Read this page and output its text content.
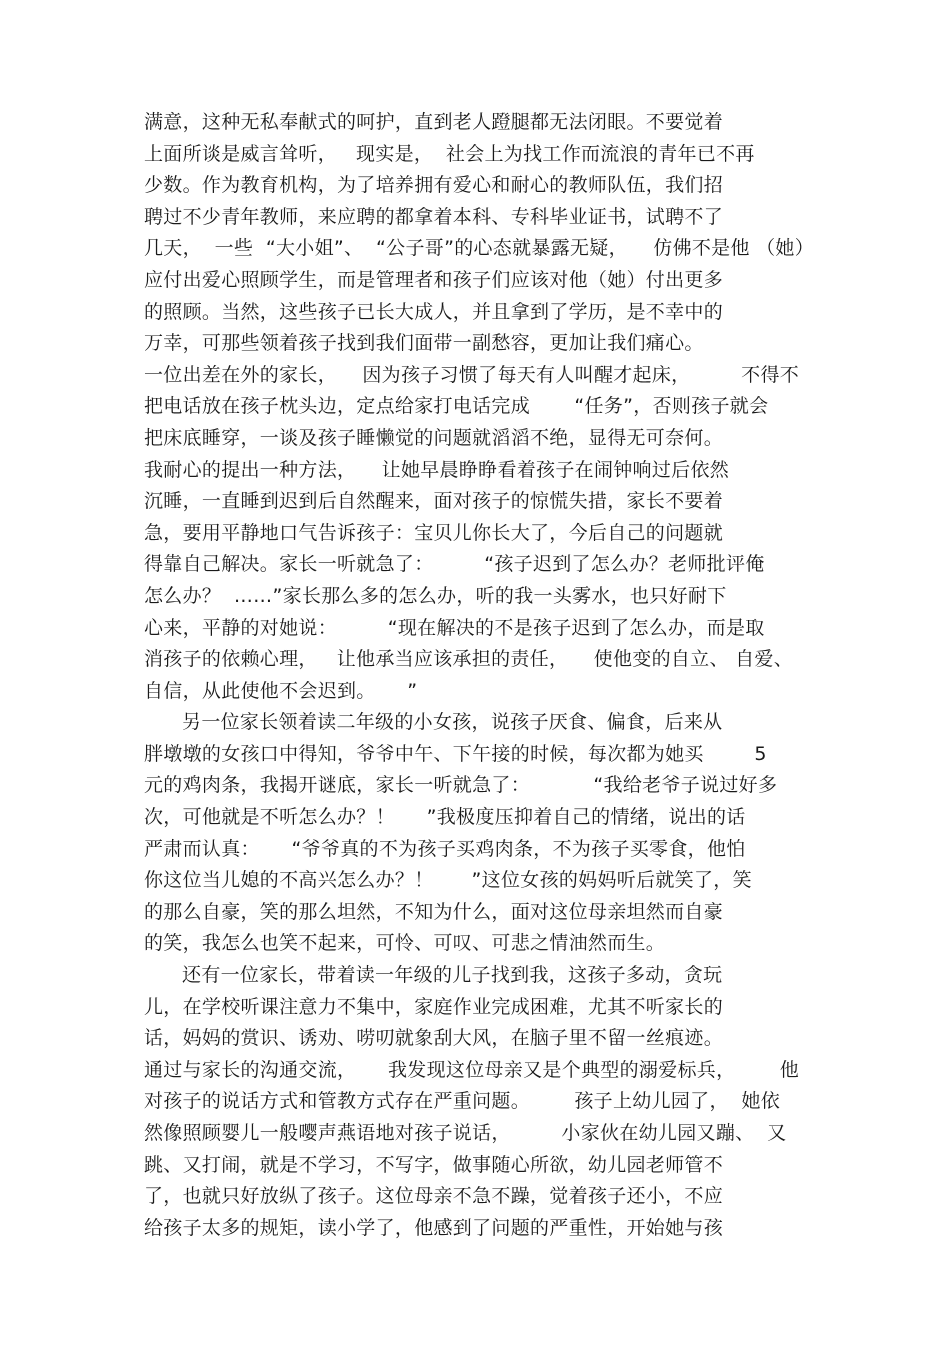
满意，这种无私奉献式的呵护，直到老人蹬腿都无法闭眼。不要觉着
上面所谈是威言耸听，   现实是，  社会上为找工作而流浪的青年已不再
少数。作为教育机构，为了培养拥有爱心和耐心的教师队伍，我们招
聘过不少青年教师，来应聘的都拿着本科、专科毕业证书，试聘不了
几天，  一些  “大小姐”、  “公子哥”的心态就暴露无疑，    仿佛不是他 （她）
应付出爱心照顾学生，而是管理者和孩子们应该对他（她）付出更多
的照顾。当然，这些孩子已长大成人，并且拿到了学历，是不幸中的
万幸，可那些领着孩子找到我们面带一副愁容，更加让我们痛心。
一位出差在外的家长，    因为孩子习惯了每天有人叫醒才起床，        不得不
把电话放在孩子枕头边，定点给家打电话完成       “任务”，否则孩子就会
把床底睡穿，一谈及孩子睡懒觉的问题就滔滔不绝，显得无可奈何。
我耐心的提出一种方法，    让她早晨睁睁看着孩子在闹钟响过后依然
沉睡，一直睡到迟到后自然醒来，面对孩子的惊慌失措，家长不要着
急，要用平静地口气告诉孩子：宝贝儿你长大了，今后自己的问题就
得靠自己解决。家长一听就急了：        “孩子迟到了怎么办？老师批评俺
怎么办？  ……”家长那么多的怎么办，听的我一头雾水，也只好耐下
心来，平静的对她说：        “现在解决的不是孩子迟到了怎么办，而是取
消孩子的依赖心理，   让他承当应该承担的责任，    使他变的自立、 自爱、
自信，从此使他不会迟到。     ”
另一位家长领着读二年级的小女孩，说孩子厌食、偏食，后来从
胖墩墩的女孩口中得知，爷爷中午、下午接的时候，每次都为她买        5
元的鸡肉条，我揭开谜底，家长一听就急了：          “我给老爷子说过好多
次，可他就是不听怎么办？！     ”我极度压抑着自己的情绪，说出的话
严肃而认真：     “爷爷真的不为孩子买鸡肉条，不为孩子买零食，他怕
你这位当儿媳的不高兴怎么办？！      ”这位女孩的妈妈听后就笑了，笑
的那么自豪，笑的那么坦然，不知为什么，面对这位母亲坦然而自豪
的笑，我怎么也笑不起来，可怜、可叹、可悲之情油然而生。
还有一位家长，带着读一年级的儿子找到我，这孩子多动，贪玩
儿，在学校听课注意力不集中，家庭作业完成困难，尤其不听家长的
话，妈妈的赏识、诱劝、唠叨就象刮大风，在脑子里不留一丝痕迹。
通过与家长的沟通交流，     我发现这位母亲又是个典型的溺爱标兵，       他
对孩子的说话方式和管教方式存在严重问题。       孩子上幼儿园了，  她依
然像照顾婴儿一般嘤声燕语地对孩子说话，        小家伙在幼儿园又蹦、  又
跳、又打闹，就是不学习，不写字，做事随心所欲，幼儿园老师管不
了，也就只好放纵了孩子。这位母亲不急不躁，觉着孩子还小，不应
给孩子太多的规矩，读小学了，他感到了问题的严重性，开始她与孩
